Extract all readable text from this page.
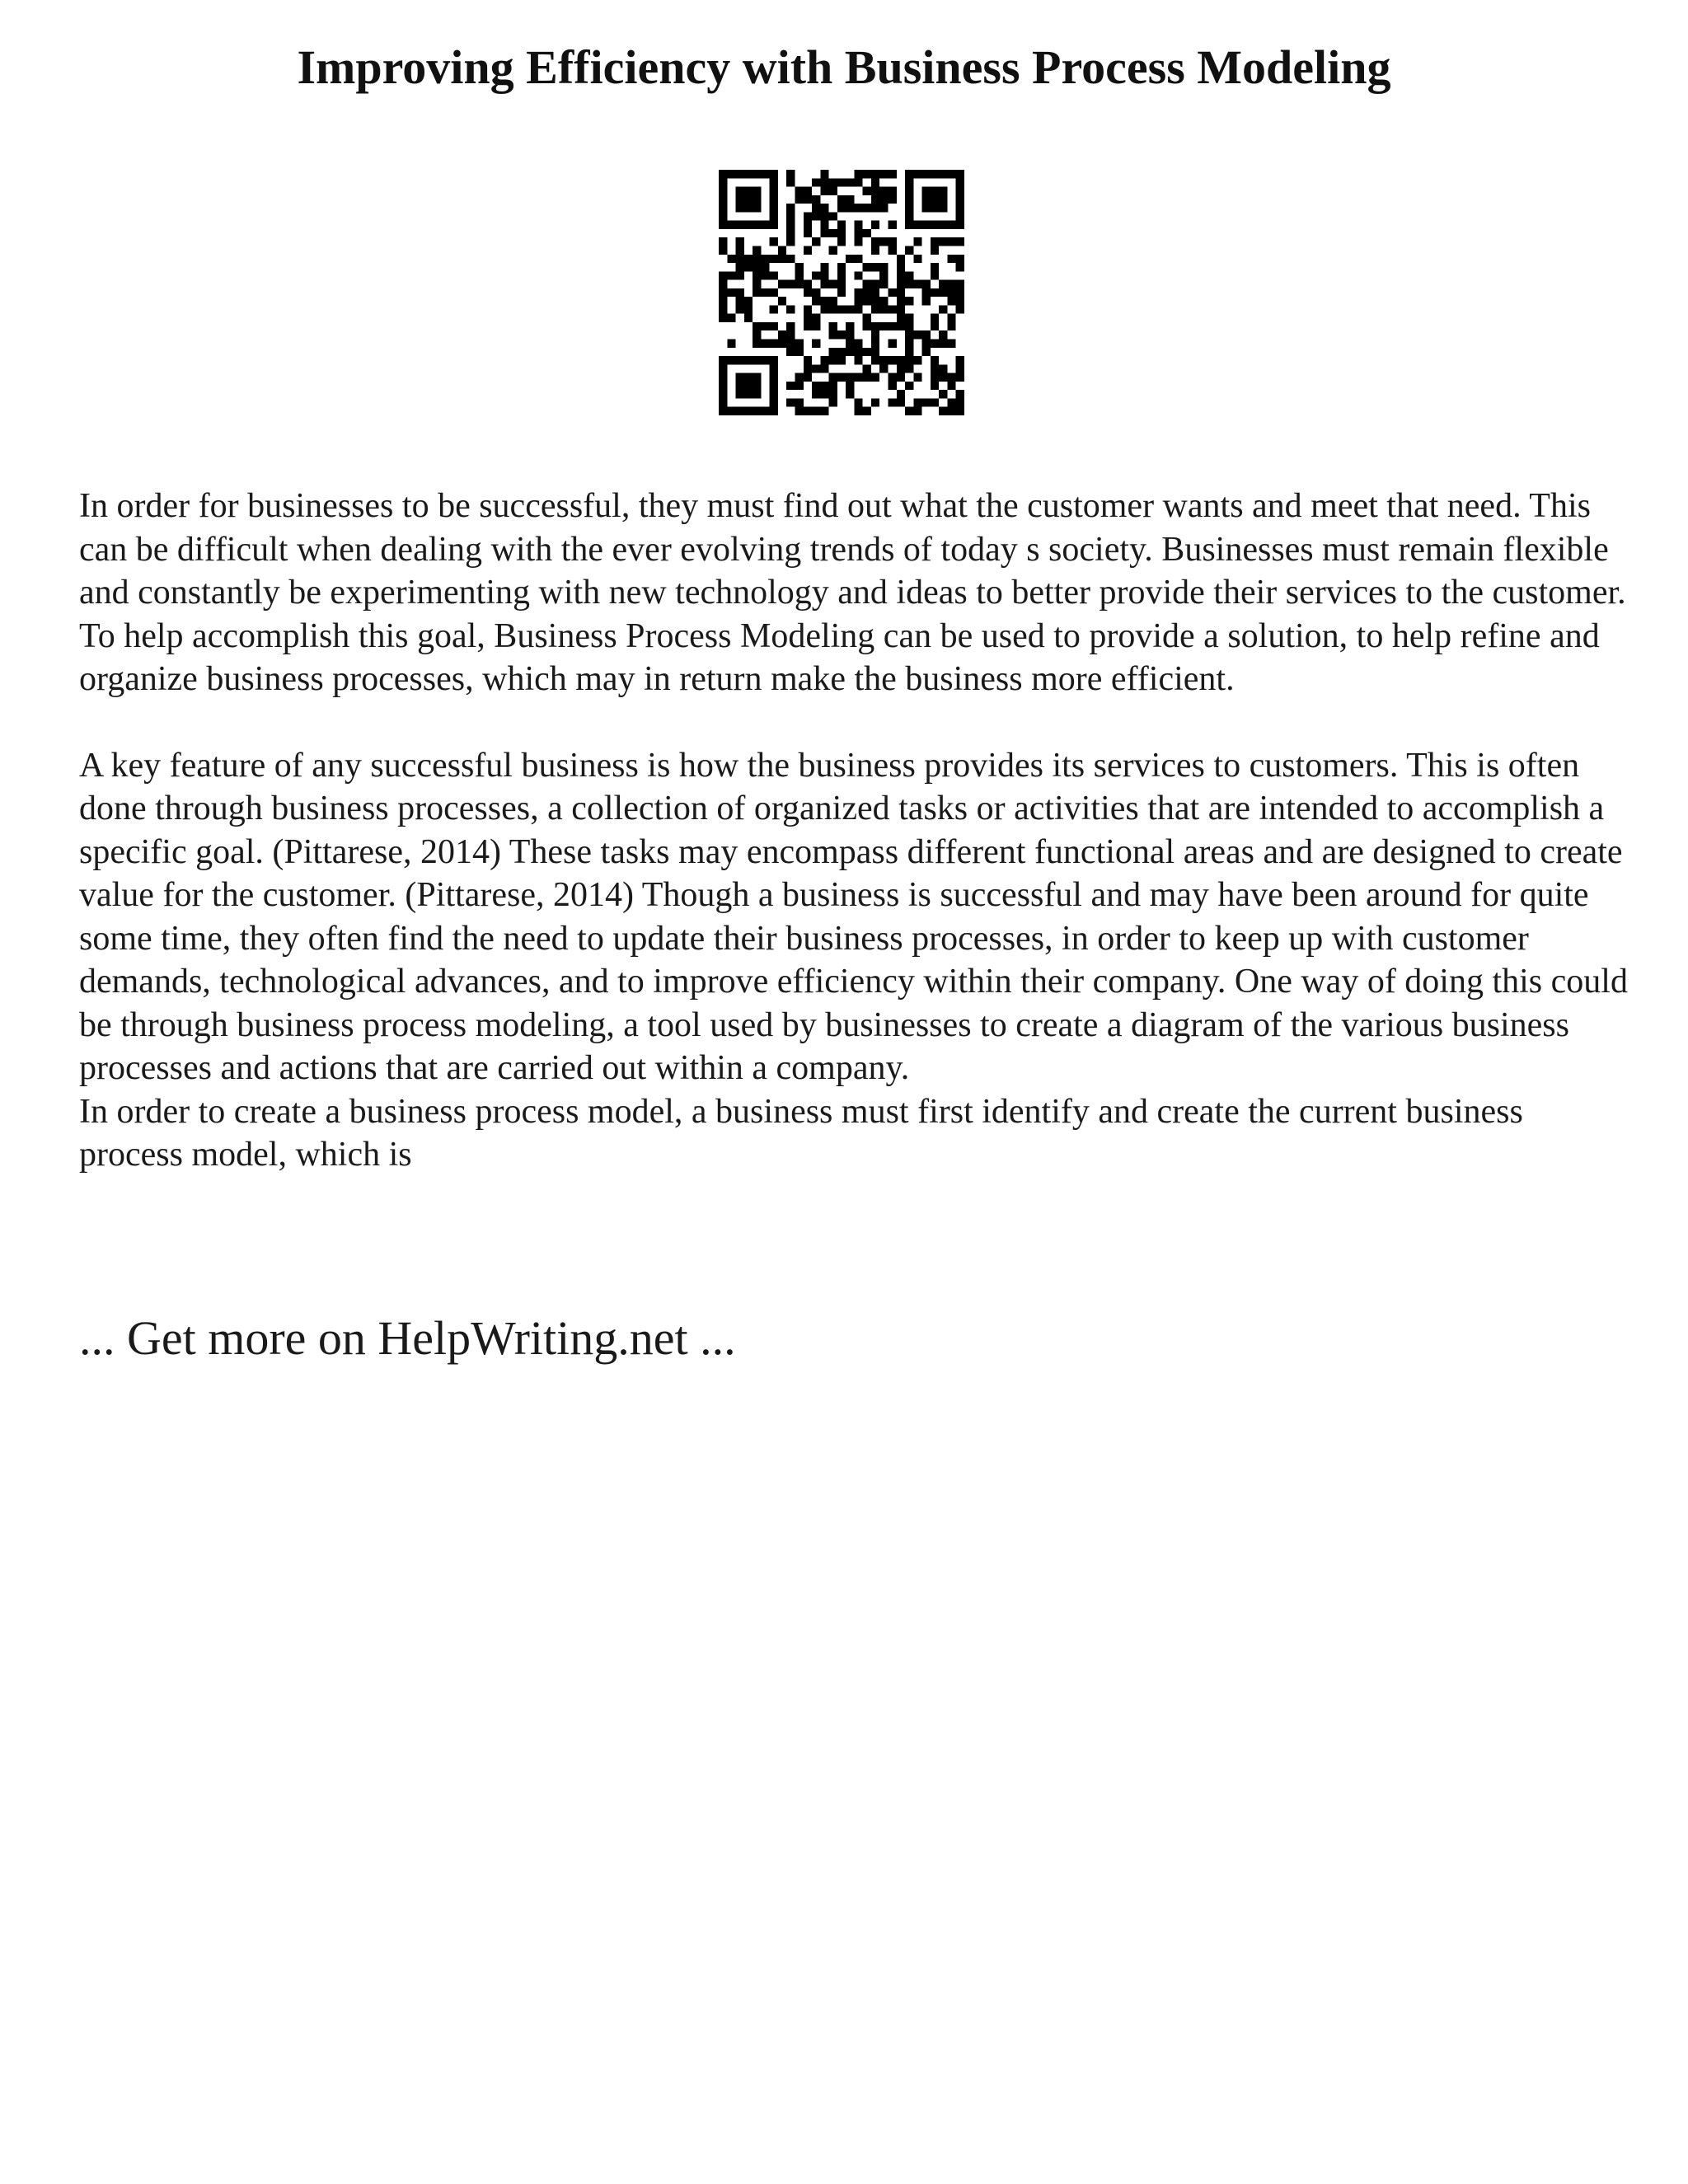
Improving Efficiency with Business Process Modeling

In order for businesses to be successful, they must find out what the customer wants and meet that need. This can be difficult when dealing with the ever evolving trends of today s society. Businesses must remain flexible and constantly be experimenting with new technology and ideas to better provide their services to the customer. To help accomplish this goal, Business Process Modeling can be used to provide a solution, to help refine and organize business processes, which may in return make the business more efficient.

A key feature of any successful business is how the business provides its services to customers. This is often done through business processes, a collection of organized tasks or activities that are intended to accomplish a specific goal. (Pittarese, 2014) These tasks may encompass different functional areas and are designed to create value for the customer. (Pittarese, 2014) Though a business is successful and may have been around for quite some time, they often find the need to update their business processes, in order to keep up with customer demands, technological advances, and to improve efficiency within their company. One way of doing this could be through business process modeling, a tool used by businesses to create a diagram of the various business processes and actions that are carried out within a company.

In order to create a business process model, a business must first identify and create the current business process model, which is

... Get more on HelpWriting.net ...
